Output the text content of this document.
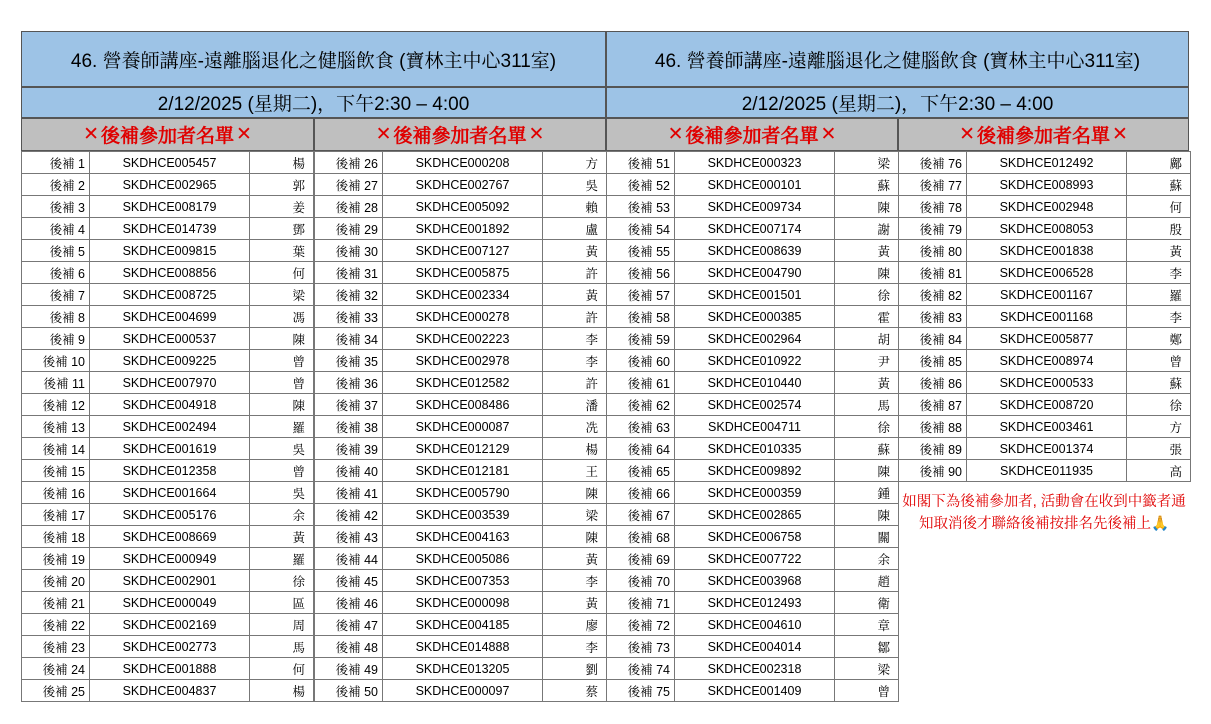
46. 營養師講座-遠離腦退化之健腦飲食 (寶林主中心311室)	46. 營養師講座-遠離腦退化之健腦飲食 (寶林主中心311室)
2/12/2025 (星期二)，下午2:30 – 4:00	2/12/2025 (星期二)，下午2:30 – 4:00
✕ 後補參加者名單 ✕	✕ 後補參加者名單 ✕	✕ 後補參加者名單 ✕	✕ 後補參加者名單 ✕
後補 1	SKDHCE005457	楊
後補 2	SKDHCE002965	郭
後補 3	SKDHCE008179	姜
後補 4	SKDHCE014739	鄧
後補 5	SKDHCE009815	葉
後補 6	SKDHCE008856	何
後補 7	SKDHCE008725	梁
後補 8	SKDHCE004699	馮
後補 9	SKDHCE000537	陳
後補 10	SKDHCE009225	曾
後補 11	SKDHCE007970	曾
後補 12	SKDHCE004918	陳
後補 13	SKDHCE002494	羅
後補 14	SKDHCE001619	吳
後補 15	SKDHCE012358	曾
後補 16	SKDHCE001664	吳
後補 17	SKDHCE005176	余
後補 18	SKDHCE008669	黃
後補 19	SKDHCE000949	羅
後補 20	SKDHCE002901	徐
後補 21	SKDHCE000049	區
後補 22	SKDHCE002169	周
後補 23	SKDHCE002773	馬
後補 24	SKDHCE001888	何
後補 25	SKDHCE004837	楊
後補 26	SKDHCE000208	方
後補 27	SKDHCE002767	吳
後補 28	SKDHCE005092	賴
後補 29	SKDHCE001892	盧
後補 30	SKDHCE007127	黃
後補 31	SKDHCE005875	許
後補 32	SKDHCE002334	黃
後補 33	SKDHCE000278	許
後補 34	SKDHCE002223	李
後補 35	SKDHCE002978	李
後補 36	SKDHCE012582	許
後補 37	SKDHCE008486	潘
後補 38	SKDHCE000087	冼
後補 39	SKDHCE012129	楊
後補 40	SKDHCE012181	王
後補 41	SKDHCE005790	陳
後補 42	SKDHCE003539	梁
後補 43	SKDHCE004163	陳
後補 44	SKDHCE005086	黃
後補 45	SKDHCE007353	李
後補 46	SKDHCE000098	黃
後補 47	SKDHCE004185	廖
後補 48	SKDHCE014888	李
後補 49	SKDHCE013205	劉
後補 50	SKDHCE000097	蔡
後補 51	SKDHCE000323	梁
後補 52	SKDHCE000101	蘇
後補 53	SKDHCE009734	陳
後補 54	SKDHCE007174	謝
後補 55	SKDHCE008639	黃
後補 56	SKDHCE004790	陳
後補 57	SKDHCE001501	徐
後補 58	SKDHCE000385	霍
後補 59	SKDHCE002964	胡
後補 60	SKDHCE010922	尹
後補 61	SKDHCE010440	黃
後補 62	SKDHCE002574	馬
後補 63	SKDHCE004711	徐
後補 64	SKDHCE010335	蘇
後補 65	SKDHCE009892	陳
後補 66	SKDHCE000359	鍾
後補 67	SKDHCE002865	陳
後補 68	SKDHCE006758	關
後補 69	SKDHCE007722	余
後補 70	SKDHCE003968	趙
後補 71	SKDHCE012493	衛
後補 72	SKDHCE004610	章
後補 73	SKDHCE004014	鄒
後補 74	SKDHCE002318	梁
後補 75	SKDHCE001409	曾
後補 76	SKDHCE012492	鄺
後補 77	SKDHCE008993	蘇
後補 78	SKDHCE002948	何
後補 79	SKDHCE008053	殷
後補 80	SKDHCE001838	黃
後補 81	SKDHCE006528	李
後補 82	SKDHCE001167	羅
後補 83	SKDHCE001168	李
後補 84	SKDHCE005877	鄭
後補 85	SKDHCE008974	曾
後補 86	SKDHCE000533	蘇
後補 87	SKDHCE008720	徐
後補 88	SKDHCE003461	方
後補 89	SKDHCE001374	張
後補 90	SKDHCE011935	高
如閣下為後補參加者, 活動會在收到中籤者通知取消後才聯絡後補按排名先後補上🙏
